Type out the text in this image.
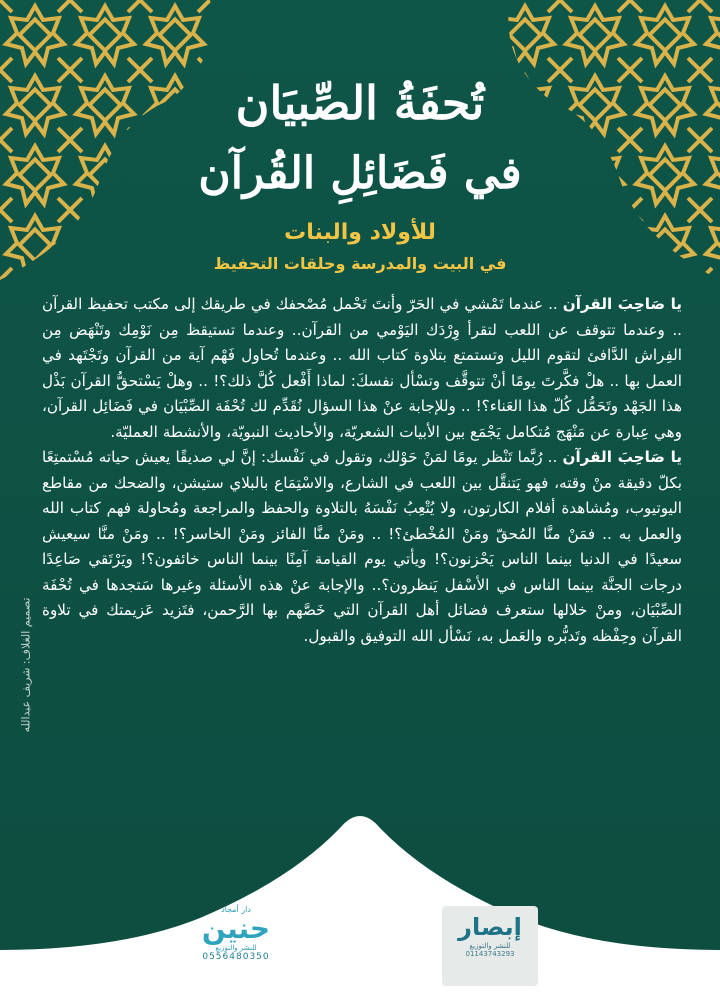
تُحفَةُ الصِّبيَان
في فَضَائِلِ القُرآن
للأولاد والبنات
في البيت والمدرسة وحلقات التحفيظ

يا صَاحِبَ القرآن .. عندما تَمْشي في الحَرّ وأنتَ تَحْمل مُصْحفك في طريقك إلى مكتب تحفيظ القرآن .. وعندما تتوقف عن اللعب لتقرأ وِرْدَك اليَوْمي من القرآن.. وعندما تستيقظ مِن نَوْمِك وتَنْهَض مِن الفِراش الدَّافئ لتقوم الليل وتستمتع بتلاوة كتاب الله .. وعندما تُحاول فَهْم آية من القرآن وتَجْتَهد في العمل بها .. هلْ فكَّرتَ يومًا أنْ تتوقَّف وتسْأل نفسكَ: لماذا أَفْعل كُلَّ ذلك؟! .. وهلْ يَسْتحقُّ القرآن بَذْل هذا الجَهْد وتَحَمُّل كُلّ هذا العَناء؟! .. وللإجابة عنْ هذا السؤال نُقَدِّم لك تُحْفَة الصِّبْيَان في فَضَائِل القرآن، وهي عِبارة عن مَنْهَج مُتكامل يَجْمَع بين الأبيات الشعريّة، والأحاديث النبويّة، والأنشطة العمليّة.

يا صَاحِبَ القرآن .. رُبَّما تَنْظر يومًا لمَنْ حَوْلك، وتقول في نَفْسك: إنَّ لي صديقًا يعيش حياته مُسْتمتِعًا بكلّ دقيقة منْ وقته، فهو يَتنقَّل بين اللعب في الشارع، والاسْتِمَاع بالبلاي ستيشن، والضحك من مقاطع اليوتيوب، ومُشاهدة أفلام الكارتون، ولا يُتْعِبُ نَفْسَهُ بالتلاوة والحفظ والمراجعة ومُحاولة فهم كتاب الله والعمل به .. فمَنْ منَّا المُحقّ ومَنْ المُخْطئ؟! .. ومَنْ منَّا الفائز ومَنْ الخاسر؟! .. ومَنْ منَّا سيعيش سعيدًا في الدنيا بينما الناس يَحْزنون؟! ويأتي يوم القيامة آمِنًا بينما الناس خائفون؟! ويَرْتَقي صَاعِدًا درجات الجنَّة بينما الناس في الأسْفل يَنظرون؟.. والإجابة عنْ هذه الأسئلة وغيرها سَتجدها في تُحْفَة الصِّبْيَان، ومنْ خلالها ستعرف فضائل أهل القرآن التي خَصَّهم بها الرَّحمن، فتَزيد عَزيمتك في تلاوة القرآن وحِفْظه وتَدبُّره والعَمل به، نَسْأل الله التوفيق والقبول.

تصميم الغلاف: شريف عبدالله
دار أمجاد
حنين
للنشر والتوزيع
0556480350
إبصار
للنشر والتوزيع
01143743293
